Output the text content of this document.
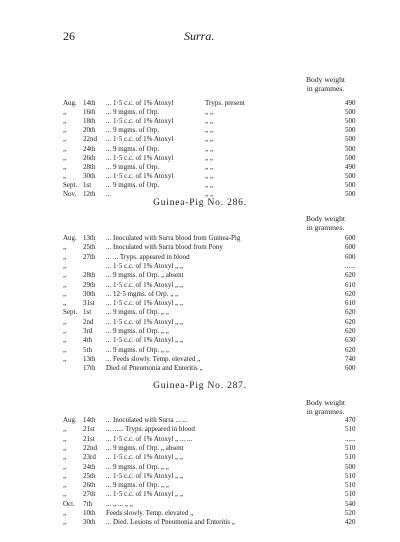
26	Surra.
Body weight
in grammes.
Aug. 14th ... 1·5 c.c. of 1% Atoxyl	Tryps. present	490
„ 16th ... 9 mgms. of Orp.	„ „	500
„ 18th ... 1·5 c.c. of 1% Atoxyl	„ „	500
„ 20th ... 9 mgms. of Orp.	„ „	500
„ 22nd ... 1·5 c.c. of 1% Atoxyl	„ „	500
„ 24th ... 9 mgms. of Orp.	„ „	500
„ 26th ... 1·5 c.c. of 1% Atoxyl	„ „	500
„ 28th ... 9 mgms. of Orp.	„ „	490
„ 30th ... 1·5 c.c. of 1% Atoxyl	„ „	500
Sept. 1st ... 9 mgms. of Orp.	„ „	500
Nov. 12th ...	„ „	500
Guinea-Pig No. 286.
Body weight
in grammes.
Aug. 13th ... Inoculated with Surra blood from Guinea-Pig	600
„ 25th ... Inoculated with Surra blood from Pony	600
„ 27th ... ... Tryps. appeared in blood	600
„	... 1·5 c.c. of 1% Atoxyl „ „	......
„ 28th ... 9 mgms. of Orp. „ absent	620
„ 29th ... 1·5 c.c. of 1% Atoxyl „ „	610
„ 30th ... 12·5 mgms. of Orp. „ „	620
„ 31st ... 1·5 c.c. of 1% Atoxyl „ „	610
Sept. 1st ... 9 mgms. of Orp. „ „	620
„ 2nd ... 1·5 c.c. of 1% Atoxyl „ „	620
„ 3rd ... 9 mgms. of Orp. „ „	620
„ 4th ... 1·5 c.c. of 1% Atoxyl „ „	630
„ 5th ... 9 mgms. of Orp. „ „	620
„ 13th ... Feeds slowly. Temp. elevated „	740
17th Died of Pneumonia and Enteritis „	600
Guinea-Pig No. 287.
Body weight
in grammes.
Aug. 14th ... Inoculated with Surra ... ...	470
„ 21st ... ...... Tryps. appeared in blood	510
„ 21st ... 1·5 c.c. of 1% Atoxyl „ ... ...	......
„ 22nd ... 9 mgms. of Orp. „ absent	510
„ 23rd ... 1·5 c.c. of 1% Atoxyl „ „	510
„ 24th ... 9 mgms. of Orp. „ „	500
„ 25th ... 1·5 c.c. of 1% Atoxyl „ „	510
„ 26th ... 9 mgms. of Orp. „ „	510
„ 27th ... 1·5 c.c. of 1% Atoxyl „ „	510
Oct. 7th ... „ ... „ „	540
„ 10th Feeds slowly. Temp. elevated „	520
„ 30th ... Died. Lesions of Pneumonia and Enteritis „	420
